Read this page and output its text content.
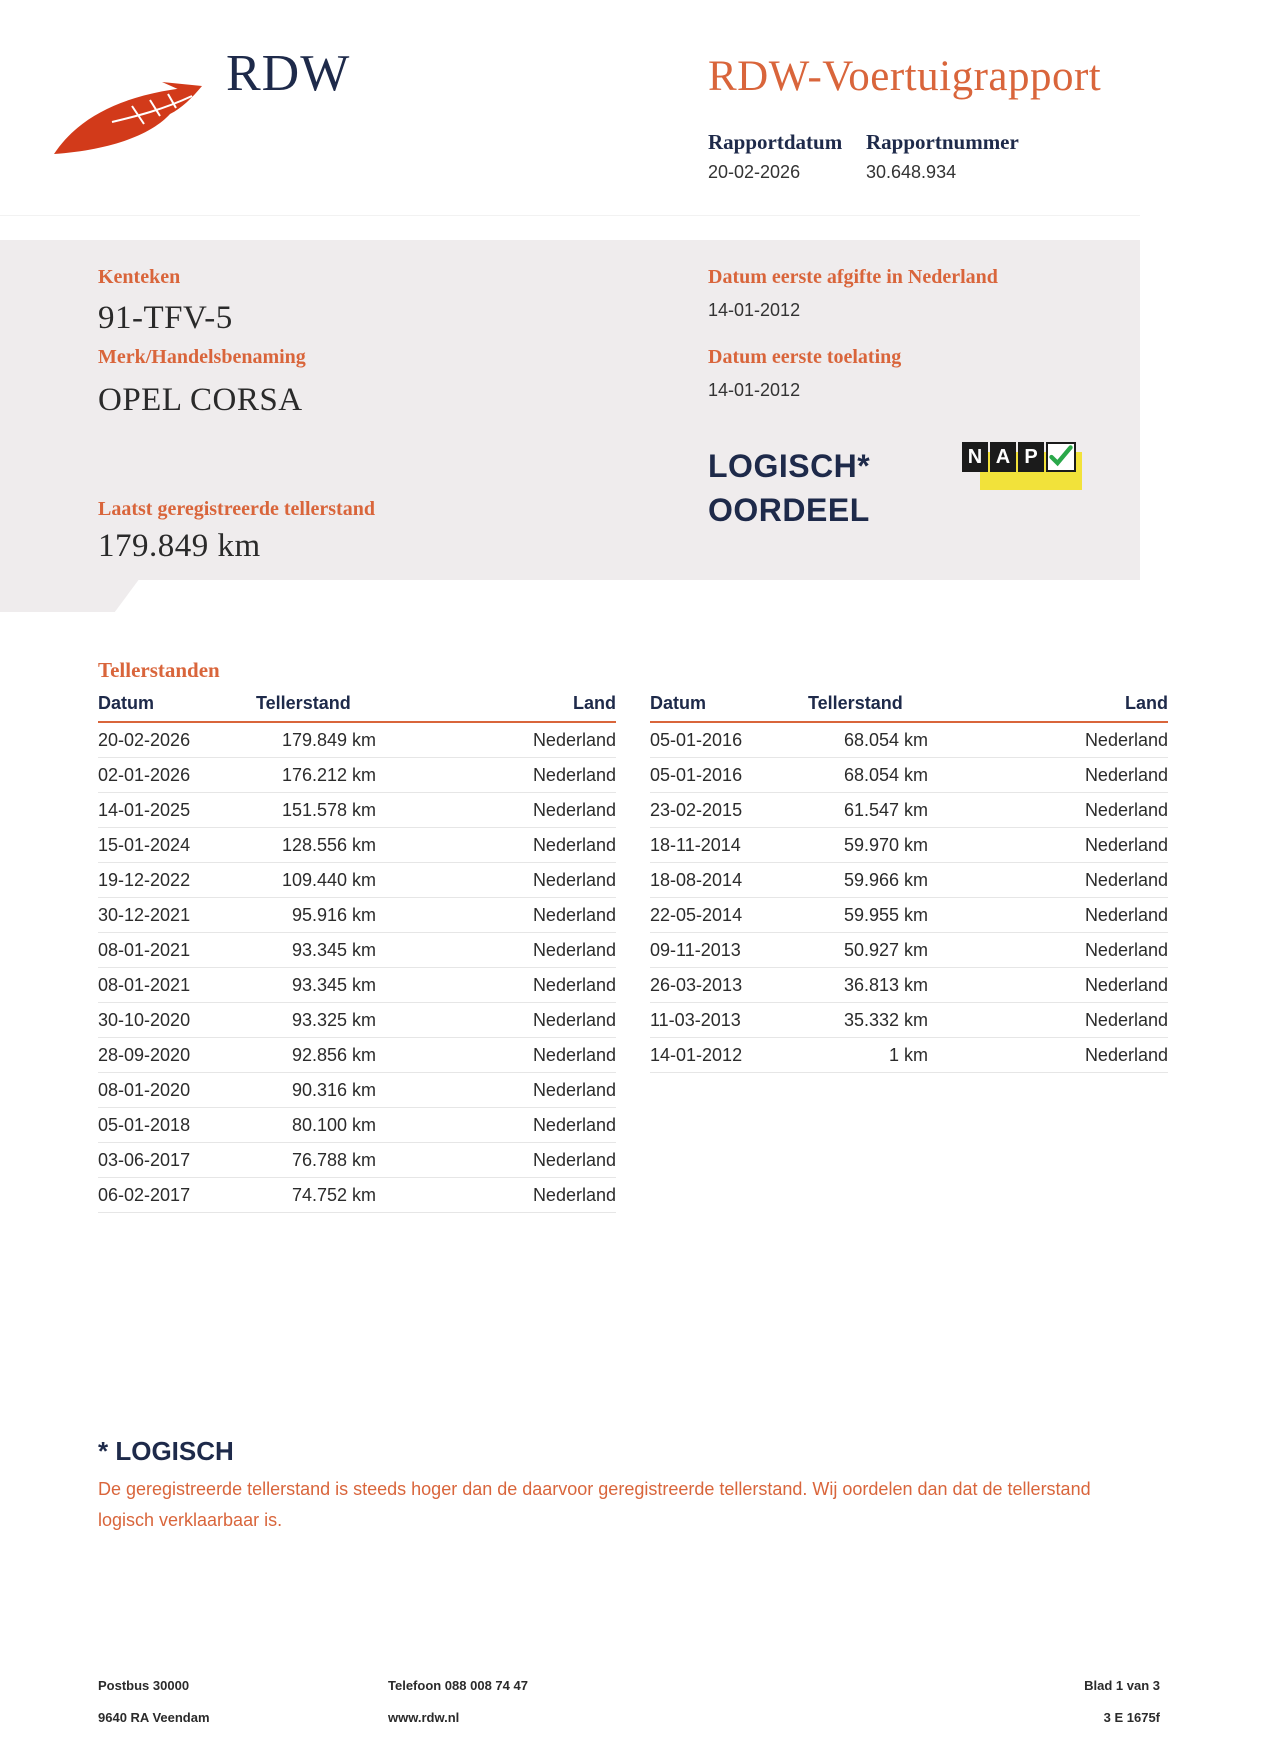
RDW	RDW-Voertuigrapport
Rapportdatum
20-02-2026
Rapportnummer
30.648.934
Kenteken
91-TFV-5
Merk/Handelsbenaming
OPEL CORSA
Laatst geregistreerde tellerstand
179.849 km
Datum eerste afgifte in Nederland
14-01-2012
Datum eerste toelating
14-01-2012
LOGISCH*
OORDEEL
N A P
Tellerstanden
Datum	Tellerstand	Land
20-02-2026	179.849 km	Nederland
02-01-2026	176.212 km	Nederland
14-01-2025	151.578 km	Nederland
15-01-2024	128.556 km	Nederland
19-12-2022	109.440 km	Nederland
30-12-2021	95.916 km	Nederland
08-01-2021	93.345 km	Nederland
08-01-2021	93.345 km	Nederland
30-10-2020	93.325 km	Nederland
28-09-2020	92.856 km	Nederland
08-01-2020	90.316 km	Nederland
05-01-2018	80.100 km	Nederland
03-06-2017	76.788 km	Nederland
06-02-2017	74.752 km	Nederland
Datum	Tellerstand	Land
05-01-2016	68.054 km	Nederland
05-01-2016	68.054 km	Nederland
23-02-2015	61.547 km	Nederland
18-11-2014	59.970 km	Nederland
18-08-2014	59.966 km	Nederland
22-05-2014	59.955 km	Nederland
09-11-2013	50.927 km	Nederland
26-03-2013	36.813 km	Nederland
11-03-2013	35.332 km	Nederland
14-01-2012	1 km	Nederland
* LOGISCH
De geregistreerde tellerstand is steeds hoger dan de daarvoor geregistreerde tellerstand. Wij oordelen dan dat de tellerstand logisch verklaarbaar is.
Postbus 30000
9640 RA Veendam
Telefoon 088 008 74 47
www.rdw.nl
Blad 1 van 3
3 E 1675f
